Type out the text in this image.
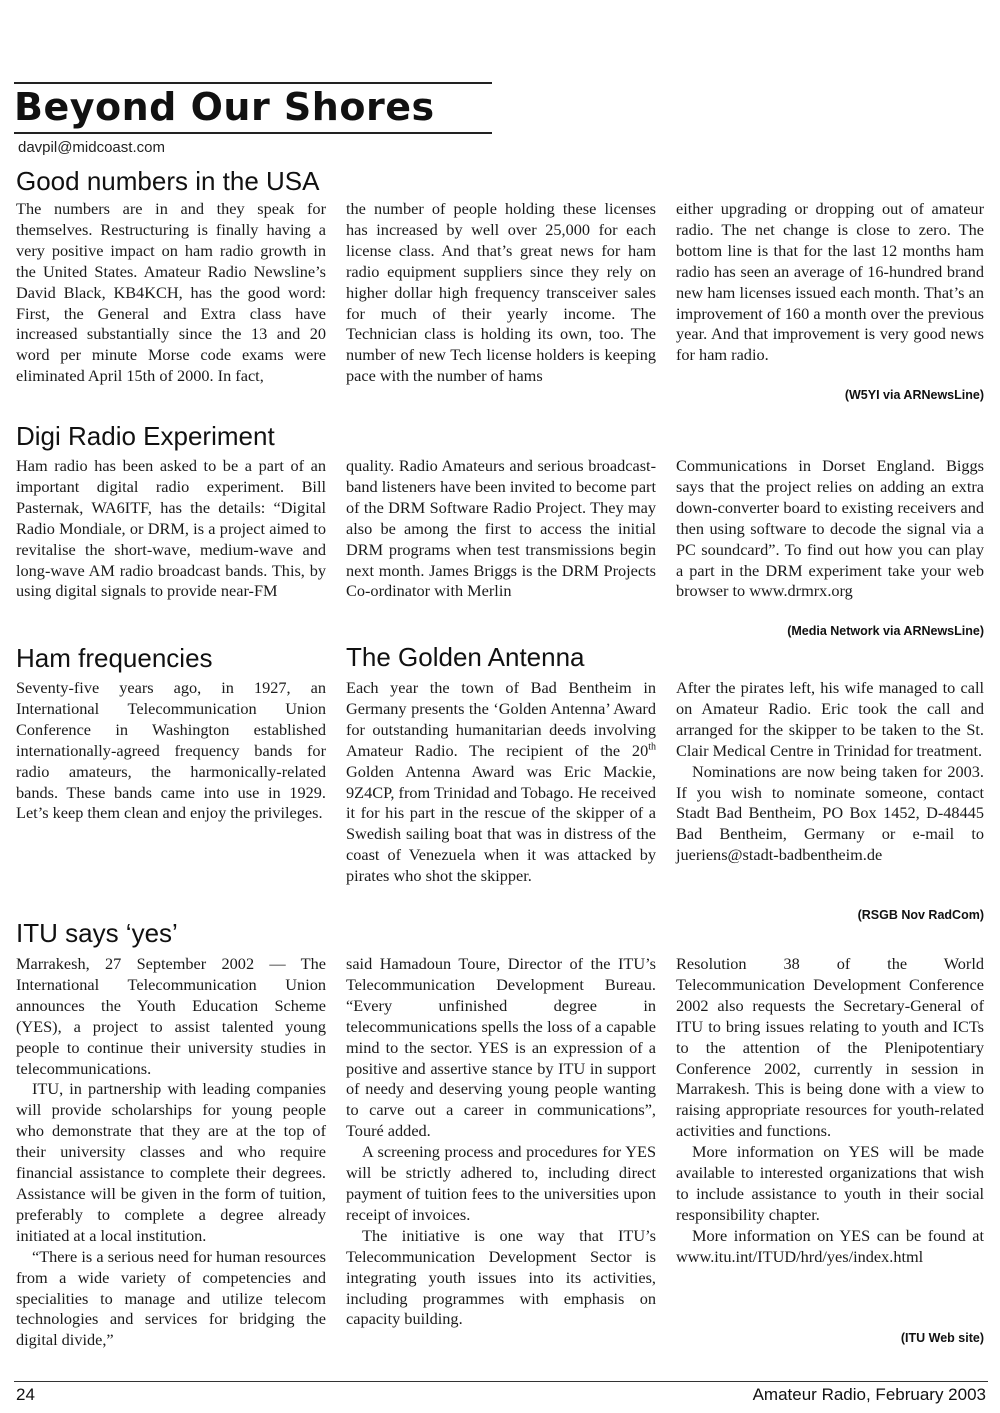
Beyond Our Shores
davpil@midcoast.com
Good numbers in the USA

The numbers are in and they speak for themselves. Restructuring is finally having a very positive impact on ham radio growth in the United States. Amateur Radio Newsline’s David Black, KB4KCH, has the good word: First, the General and Extra class have increased substantially since the 13 and 20 word per minute Morse code exams were eliminated April 15th of 2000. In fact,

the number of people holding these licenses has increased by well over 25,000 for each license class. And that’s great news for ham radio equipment suppliers since they rely on higher dollar high frequency transceiver sales for much of their yearly income. The Technician class is holding its own, too. The number of new Tech license holders is keeping pace with the number of hams

either upgrading or dropping out of amateur radio. The net change is close to zero. The bottom line is that for the last 12 months ham radio has seen an average of 16-hundred brand new ham licenses issued each month. That’s an improvement of 160 a month over the previous year. And that improvement is very good news for ham radio.

(W5YI via ARNewsLine)
Digi Radio Experiment

Ham radio has been asked to be a part of an important digital radio experiment. Bill Pasternak, WA6ITF, has the details: “Digital Radio Mondiale, or DRM, is a project aimed to revitalise the short-wave, medium-wave and long-wave AM radio broadcast bands. This, by using digital signals to provide near-FM

quality. Radio Amateurs and serious broadcast-band listeners have been invited to become part of the DRM Software Radio Project. They may also be among the first to access the initial DRM programs when test transmissions begin next month. James Briggs is the DRM Projects Co-ordinator with Merlin

Communications in Dorset England. Biggs says that the project relies on adding an extra down-converter board to existing receivers and then using software to decode the signal via a PC soundcard”. To find out how you can play a part in the DRM experiment take your web browser to www.drmrx.org

(Media Network via ARNewsLine)
Ham frequencies

Seventy-five years ago, in 1927, an International Telecommunication Union Conference in Washington established internationally-agreed frequency bands for radio amateurs, the harmonically-related bands. These bands came into use in 1929. Let’s keep them clean and enjoy the privileges.

The Golden Antenna

Each year the town of Bad Bentheim in Germany presents the ‘Golden Antenna’ Award for outstanding humanitarian deeds involving Amateur Radio. The recipient of the 20th Golden Antenna Award was Eric Mackie, 9Z4CP, from Trinidad and Tobago. He received it for his part in the rescue of the skipper of a Swedish sailing boat that was in distress of the coast of Venezuela when it was attacked by pirates who shot the skipper.

After the pirates left, his wife managed to call on Amateur Radio. Eric took the call and arranged for the skipper to be taken to the St. Clair Medical Centre in Trinidad for treatment.

Nominations are now being taken for 2003. If you wish to nominate someone, contact Stadt Bad Bentheim, PO Box 1452, D-48445 Bad Bentheim, Germany or e-mail to jueriens@stadt-badbentheim.de

(RSGB Nov RadCom)
ITU says ‘yes’

Marrakesh, 27 September 2002 — The International Telecommunication Union announces the Youth Education Scheme (YES), a project to assist talented young people to continue their university studies in telecommunications.

ITU, in partnership with leading companies will provide scholarships for young people who demonstrate that they are at the top of their university classes and who require financial assistance to complete their degrees. Assistance will be given in the form of tuition, preferably to complete a degree already initiated at a local institution.

“There is a serious need for human resources from a wide variety of competencies and specialities to manage and utilize telecom technologies and services for bridging the digital divide,”

said Hamadoun Toure, Director of the ITU’s Telecommunication Development Bureau. “Every unfinished degree in telecommunications spells the loss of a capable mind to the sector. YES is an expression of a positive and assertive stance by ITU in support of needy and deserving young people wanting to carve out a career in communications”, Touré added.

A screening process and procedures for YES will be strictly adhered to, including direct payment of tuition fees to the universities upon receipt of invoices.

The initiative is one way that ITU’s Telecommunication Development Sector is integrating youth issues into its activities, including programmes with emphasis on capacity building.

Resolution 38 of the World Telecommunication Development Conference 2002 also requests the Secretary-General of ITU to bring issues relating to youth and ICTs to the attention of the Plenipotentiary Conference 2002, currently in session in Marrakesh. This is being done with a view to raising appropriate resources for youth-related activities and functions.

More information on YES will be made available to interested organizations that wish to include assistance to youth in their social responsibility chapter.

More information on YES can be found at www.itu.int/ITUD/hrd/yes/index.html

(ITU Web site)
24	Amateur Radio, February 2003
